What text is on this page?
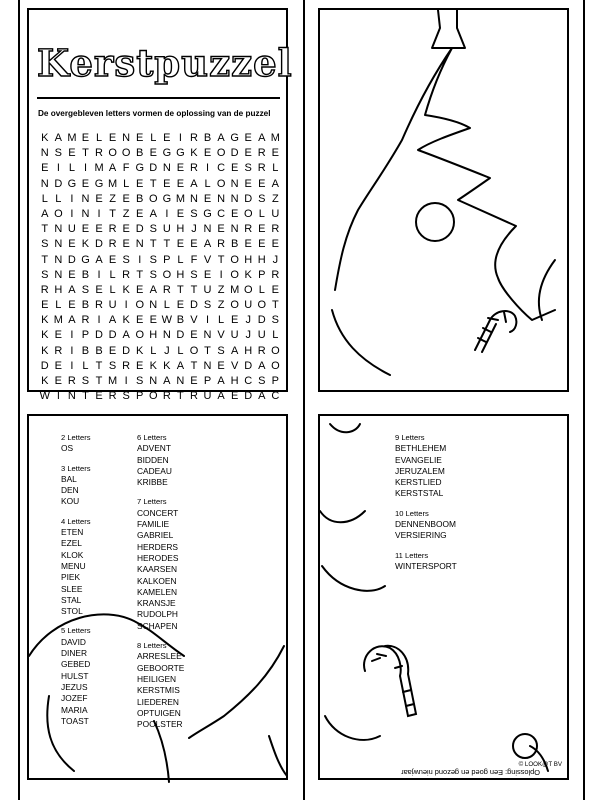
Kerstpuzzel
De overgebleven letters vormen de oplossing van de puzzel
K A M E L E N E L E I R B A G E A M
N S E T R O O B E G G K E O D E R E
E I L I M A F G D N E R I C E S R L
N D G E G M L E T E E A L O N E E A
L L I N E Z E B O G M N E N N D S Z
A O I N I T Z E A I E S G C E O L U
T N U E E R E D S U H J N E N R E R
S N E K D R E N T T E E A R B E E E
T N D G A E S I S P L F V T O H H J
S N E B I L R T S O H S E I O K P R
R H A S E L K E A R T T U Z M O L E
E L E B R U I O N L E D S Z O U O T
K M A R I A K E E W B V I L E J D S
K E I P D D A O H N D E N V U J U L
K R I B B E D K L J L O T S A H R O
D E I L T S R E K K A T N E V D A O
K E R S T M I S N A N E P A H C S P
W I N T E R S P O R T R U A E D A C
2 Letters
OS
3 Letters
BAL
DEN
KOU
4 Letters
ETEN
EZEL
KLOK
MENU
PIEK
SLEE
STAL
STOL
5 Letters
DAVID
DINER
GEBED
HULST
JEZUS
JOZEF
MARIA
TOAST
6 Letters
ADVENT
BIDDEN
CADEAU
KRIBBE
7 Letters
CONCERT
FAMILIE
GABRIEL
HERDERS
HERODES
KAARSEN
KALKOEN
KAMELEN
KRANSJE
RUDOLPH
SCHAPEN
8 Letters
ARRESLEE
GEBOORTE
HEILIGEN
KERSTMIS
LIEDEREN
OPTUIGEN
POOLSTER
9 Letters
BETHLEHEM
EVANGELIE
JERUZALEM
KERSTLIED
KERSTSTAL
10 Letters
DENNENBOOM
VERSIERING
11 Letters
WINTERSPORT
Oplossing: Een goed en gezond nieuwjaar
© LOOK@T BV
